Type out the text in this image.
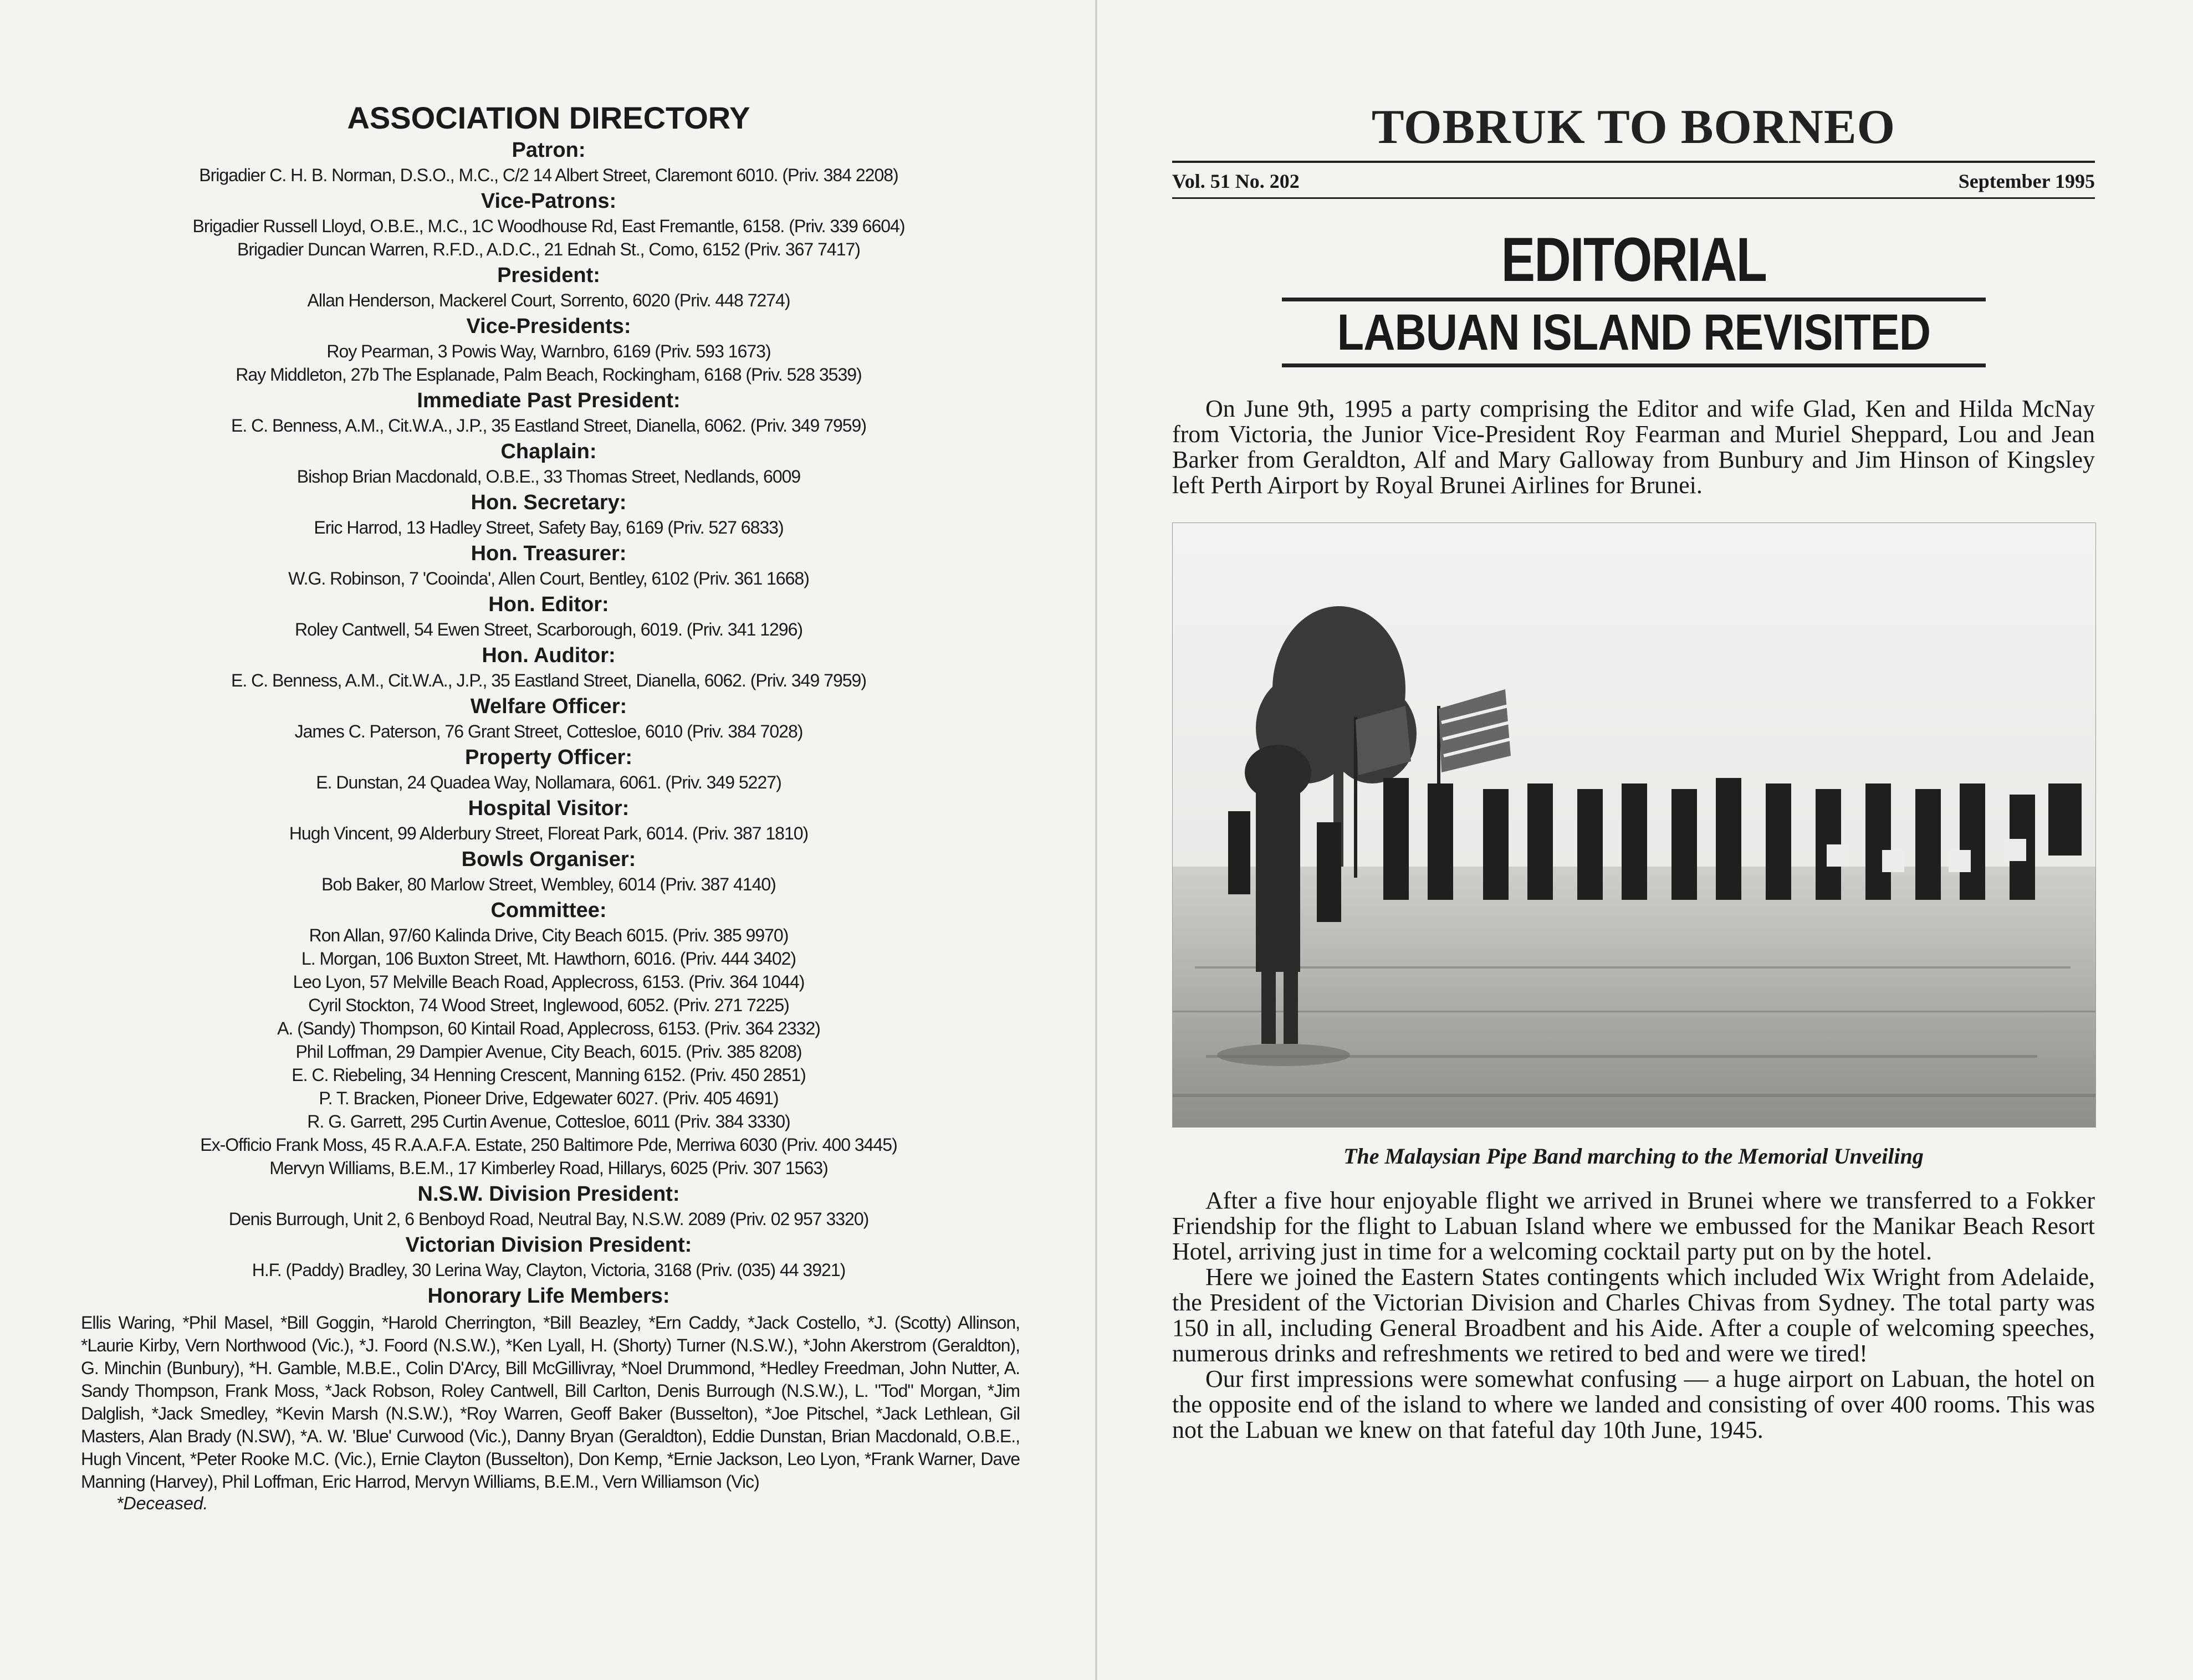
ASSOCIATION DIRECTORY
Patron:

Brigadier C. H. B. Norman, D.S.O., M.C., C/2 14 Albert Street, Claremont 6010. (Priv. 384 2208)

Vice-Patrons:

Brigadier Russell Lloyd, O.B.E., M.C., 1C Woodhouse Rd, East Fremantle, 6158. (Priv. 339 6604)

Brigadier Duncan Warren, R.F.D., A.D.C., 21 Ednah St., Como, 6152 (Priv. 367 7417)

President:

Allan Henderson, Mackerel Court, Sorrento, 6020 (Priv. 448 7274)

Vice-Presidents:

Roy Pearman, 3 Powis Way, Warnbro, 6169 (Priv. 593 1673)

Ray Middleton, 27b The Esplanade, Palm Beach, Rockingham, 6168 (Priv. 528 3539)

Immediate Past President:

E. C. Benness, A.M., Cit.W.A., J.P., 35 Eastland Street, Dianella, 6062. (Priv. 349 7959)

Chaplain:

Bishop Brian Macdonald, O.B.E., 33 Thomas Street, Nedlands, 6009

Hon. Secretary:

Eric Harrod, 13 Hadley Street, Safety Bay, 6169 (Priv. 527 6833)

Hon. Treasurer:

W.G. Robinson, 7 'Cooinda', Allen Court, Bentley, 6102 (Priv. 361 1668)

Hon. Editor:

Roley Cantwell, 54 Ewen Street, Scarborough, 6019. (Priv. 341 1296)

Hon. Auditor:

E. C. Benness, A.M., Cit.W.A., J.P., 35 Eastland Street, Dianella, 6062. (Priv. 349 7959)

Welfare Officer:

James C. Paterson, 76 Grant Street, Cottesloe, 6010 (Priv. 384 7028)

Property Officer:

E. Dunstan, 24 Quadea Way, Nollamara, 6061. (Priv. 349 5227)

Hospital Visitor:

Hugh Vincent, 99 Alderbury Street, Floreat Park, 6014. (Priv. 387 1810)

Bowls Organiser:

Bob Baker, 80 Marlow Street, Wembley, 6014 (Priv. 387 4140)

Committee:

Ron Allan, 97/60 Kalinda Drive, City Beach 6015. (Priv. 385 9970)

L. Morgan, 106 Buxton Street, Mt. Hawthorn, 6016. (Priv. 444 3402)

Leo Lyon, 57 Melville Beach Road, Applecross, 6153. (Priv. 364 1044)

Cyril Stockton, 74 Wood Street, Inglewood, 6052. (Priv. 271 7225)

A. (Sandy) Thompson, 60 Kintail Road, Applecross, 6153. (Priv. 364 2332)

Phil Loffman, 29 Dampier Avenue, City Beach, 6015. (Priv. 385 8208)

E. C. Riebeling, 34 Henning Crescent, Manning 6152. (Priv. 450 2851)

P. T. Bracken, Pioneer Drive, Edgewater 6027. (Priv. 405 4691)

R. G. Garrett, 295 Curtin Avenue, Cottesloe, 6011 (Priv. 384 3330)

Ex-Officio Frank Moss, 45 R.A.A.F.A. Estate, 250 Baltimore Pde, Merriwa 6030 (Priv. 400 3445)

Mervyn Williams, B.E.M., 17 Kimberley Road, Hillarys, 6025 (Priv. 307 1563)

N.S.W. Division President:

Denis Burrough, Unit 2, 6 Benboyd Road, Neutral Bay, N.S.W. 2089 (Priv. 02 957 3320)

Victorian Division President:

H.F. (Paddy) Bradley, 30 Lerina Way, Clayton, Victoria, 3168 (Priv. (035) 44 3921)

Honorary Life Members:

Ellis Waring, *Phil Masel, *Bill Goggin, *Harold Cherrington, *Bill Beazley, *Ern Caddy, *Jack Costello, *J. (Scotty) Allinson, *Laurie Kirby, Vern Northwood (Vic.), *J. Foord (N.S.W.), *Ken Lyall, H. (Shorty) Turner (N.S.W.), *John Akerstrom (Geraldton), G. Minchin (Bunbury), *H. Gamble, M.B.E., Colin D'Arcy, Bill McGillivray, *Noel Drummond, *Hedley Freedman, John Nutter, A. Sandy Thompson, Frank Moss, *Jack Robson, Roley Cantwell, Bill Carlton, Denis Burrough (N.S.W.), L. "Tod" Morgan, *Jim Dalglish, *Jack Smedley, *Kevin Marsh (N.S.W.), *Roy Warren, Geoff Baker (Busselton), *Joe Pitschel, *Jack Lethlean, Gil Masters, Alan Brady (N.SW), *A. W. 'Blue' Curwood (Vic.), Danny Bryan (Geraldton), Eddie Dunstan, Brian Macdonald, O.B.E., Hugh Vincent, *Peter Rooke M.C. (Vic.), Ernie Clayton (Busselton), Don Kemp, *Ernie Jackson, Leo Lyon, *Frank Warner, Dave Manning (Harvey), Phil Loffman, Eric Harrod, Mervyn Williams, B.E.M., Vern Williamson (Vic)

*Deceased.

TOBRUK TO BORNEO
Vol. 51 No. 202	September 1995
EDITORIAL
LABUAN ISLAND REVISITED

On June 9th, 1995 a party comprising the Editor and wife Glad, Ken and Hilda McNay from Victoria, the Junior Vice-President Roy Fearman and Muriel Sheppard, Lou and Jean Barker from Geraldton, Alf and Mary Galloway from Bunbury and Jim Hinson of Kingsley left Perth Airport by Royal Brunei Airlines for Brunei.

The Malaysian Pipe Band marching to the Memorial Unveiling

After a five hour enjoyable flight we arrived in Brunei where we transferred to a Fokker Friendship for the flight to Labuan Island where we embussed for the Manikar Beach Resort Hotel, arriving just in time for a welcoming cocktail party put on by the hotel.

Here we joined the Eastern States contingents which included Wix Wright from Adelaide, the President of the Victorian Division and Charles Chivas from Sydney. The total party was 150 in all, including General Broadbent and his Aide. After a couple of welcoming speeches, numerous drinks and refreshments we retired to bed and were we tired!

Our first impressions were somewhat confusing — a huge airport on Labuan, the hotel on the opposite end of the island to where we landed and consisting of over 400 rooms. This was not the Labuan we knew on that fateful day 10th June, 1945.
